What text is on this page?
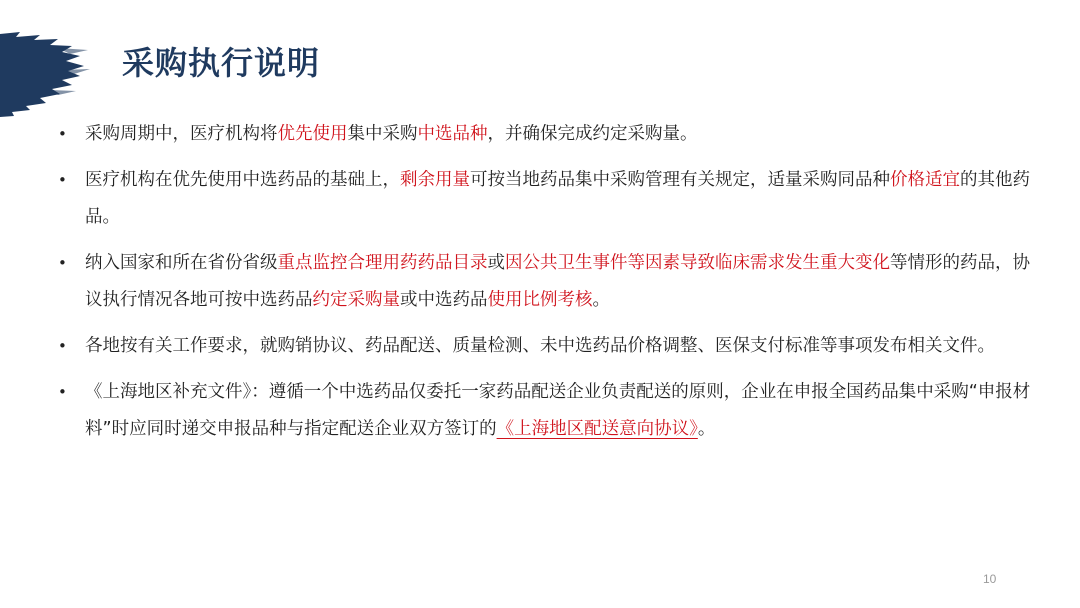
采购执行说明
• 采购周期中，医疗机构将优先使用集中采购中选品种，并确保完成约定采购量。
• 医疗机构在优先使用中选药品的基础上，剩余用量可按当地药品集中采购管理有关规定，适量采购同品种价格适宜的其他药品。
• 纳入国家和所在省份省级重点监控合理用药药品目录或因公共卫生事件等因素导致临床需求发生重大变化等情形的药品，协议执行情况各地可按中选药品约定采购量或中选药品使用比例考核。
• 各地按有关工作要求，就购销协议、药品配送、质量检测、未中选药品价格调整、医保支付标准等事项发布相关文件。
• 《上海地区补充文件》：遵循一个中选药品仅委托一家药品配送企业负责配送的原则，企业在申报全国药品集中采购“申报材料”时应同时递交申报品种与指定配送企业双方签订的《上海地区配送意向协议》。
10
